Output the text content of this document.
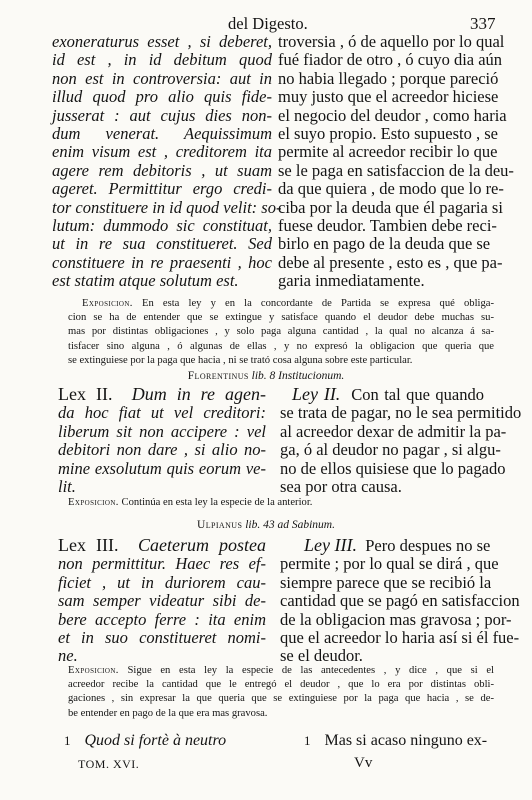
del Digesto.	337
exoneraturus esset , si deberet,
id est , in id debitum quod
non est in controversia: aut in
illud quod pro alio quis fide-
jusserat : aut cujus dies non-
dum venerat. Aequissimum
enim visum est , creditorem ita
agere rem debitoris , ut suam
ageret. Permittitur ergo credi-
tor constituere in id quod velit: so-
lutum: dummodo sic constituat,
ut in re sua constitueret. Sed
constituere in re praesenti , hoc
est statim atque solutum est.
troversia , ó de aquello por lo qual
fué fiador de otro , ó cuyo dia aún
no habia llegado ; porque pareció
muy justo que el acreedor hiciese
el negocio del deudor , como haria
el suyo propio. Esto supuesto , se
permite al acreedor recibir lo que
se le paga en satisfaccion de la deu-
da que quiera , de modo que lo re-
ciba por la deuda que él pagaria si
fuese deudor. Tambien debe reci-
birlo en pago de la deuda que se
debe al presente , esto es , que pa-
garia inmediatamente.
Exposicion. En esta ley y en la concordante de Partida se expresa qué obliga-
cion se ha de entender que se extingue y satisface quando el deudor debe muchas su-
mas por distintas obligaciones , y solo paga alguna cantidad , la qual no alcanza á sa-
tisfacer sino alguna , ó algunas de ellas , y no expresó la obligacion que queria que
se extinguiese por la paga que hacia , ni se trató cosa alguna sobre este particular.
Florentinus lib. 8 Institucionum.
Lex II. Dum in re agen-
da hoc fiat ut vel creditori:
liberum sit non accipere : vel
debitori non dare , si alio no-
mine exsolutum quis eorum ve-
lit.
Ley II. Con tal que quando
se trata de pagar, no le sea permitido
al acreedor dexar de admitir la pa-
ga, ó al deudor no pagar , si algu-
no de ellos quisiese que lo pagado
sea por otra causa.
Exposicion. Continúa en esta ley la especie de la anterior.
Ulpianus lib. 43 ad Sabinum.
Lex III. Caeterum postea
non permittitur. Haec res ef-
ficiet , ut in duriorem cau-
sam semper videatur sibi de-
bere accepto ferre : ita enim
et in suo constitueret nomi-
ne.
Ley III. Pero despues no se
permite ; por lo qual se dirá , que
siempre parece que se recibió la
cantidad que se pagó en satisfaccion
de la obligacion mas gravosa ; por-
que el acreedor lo haria así si él fue-
se el deudor.
Exposicion. Sigue en esta ley la especie de las antecedentes , y dice , que si el
acreedor recibe la cantidad que le entregó el deudor , que lo era por distintas obli-
gaciones , sin expresar la que queria que se extinguiese por la paga que hacia , se de-
be entender en pago de la que era mas gravosa.
1 Quod si fortè à neutro	1 Mas si acaso ninguno ex-
TOM. XVI.	Vv
